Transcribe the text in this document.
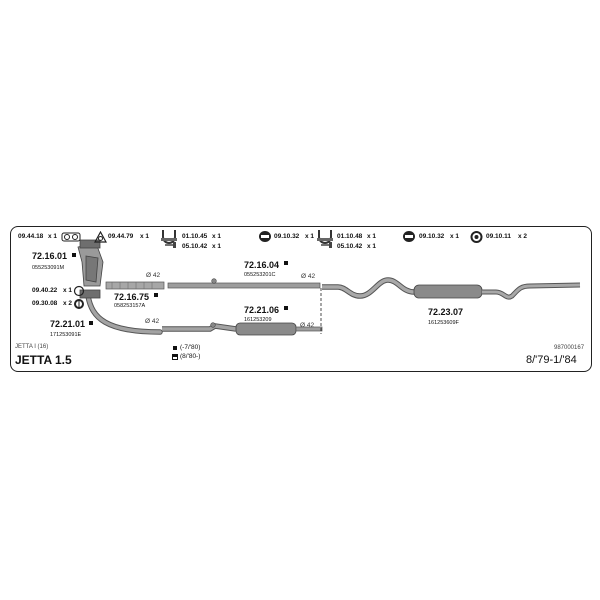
09.44.18 x 1	09.44.79 x 1	01.10.45 x 1
05.10.42 x 1
09.10.32 x 1	01.10.48 x 1
05.10.42 x 1
09.10.32 x 1	09.10.11 x 2
09.40.22 x 1
09.30.08 x 2
72.16.01
055253091M
72.16.75
058253157A
72.21.01
171253091E
72.16.04
055253201C
72.21.06
161253209
72.23.07
161253609F
Ø 42	Ø 42
Ø 42
Ø 42
JETTA I (16)
JETTA 1.5
(-7/'80)
(8/'80-)
987000167
8/'79-1/'84
